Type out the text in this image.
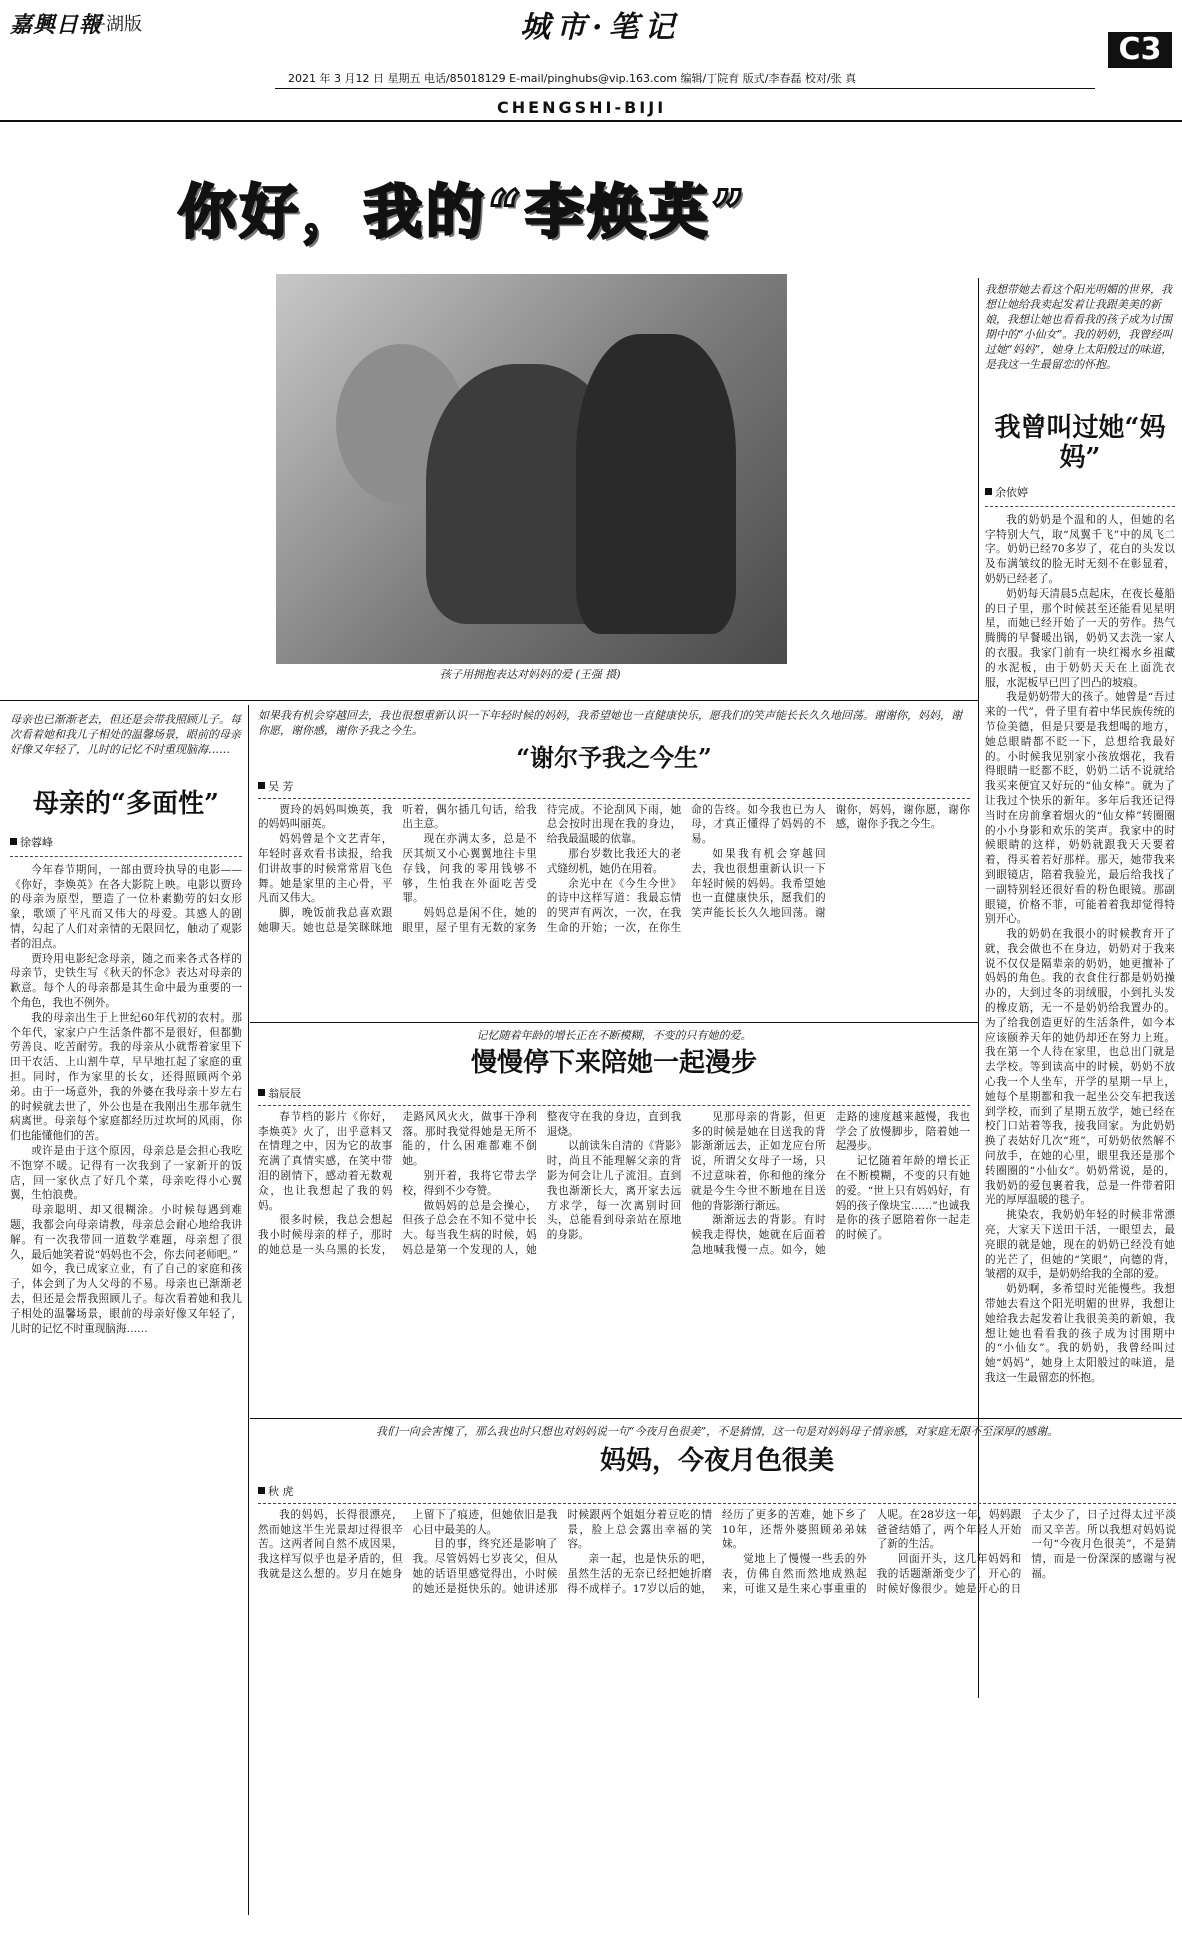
嘉興日報
平湖版	城市·笔记
CHENGSHI-BIJI
C3
2021 年 3 月12 日 星期五 电话/85018129 E-mail/pinghubs@vip.163.com 编辑/丁院育 版式/李春磊 校对/张 真
你好，我的“李焕英”
孩子用拥抱表达对妈妈的爱 (王强 摄)
我想带她去看这个阳光明媚的世界，我想让她给我卖起发着让我跟美美的新娘，我想让她也看看我的孩子成为讨围期中的“小仙女”。我的奶奶，我曾经叫过她“妈妈”，她身上太阳般过的味道，是我这一生最留恋的怀抱。
我曾叫过她“妈妈”
余依婷

我的奶奶是个温和的人，但她的名字特别大气，取“凤翼千飞”中的凤飞二字。奶奶已经70多岁了，花白的头发以及布满皱纹的脸无时无刻不在彰显着，奶奶已经老了。

奶奶每天清晨5点起床，在夜长蔓船的日子里，那个时候甚至还能看见星明星，而她已经开始了一天的劳作。热气腾腾的早餐暖出锅，奶奶又去洗一家人的衣服。我家门前有一块红褐水乡祖藏的水泥板，由于奶奶天天在上面洗衣服，水泥板早已凹了凹凸的坡痕。

我是奶奶带大的孩子。她曾是“吾过来的一代”，骨子里有着中华民族传统的节俭美德，但是只要是我想喝的地方，她总眼睛都不眨一下，总想给我最好的。小时候我见别家小孩放烟花，我看得眼睛一眨都不眨，奶奶二话不说就给我买来便宜又好玩的“仙女棒”。就为了让我过个快乐的新年。多年后我还记得当时在房前拿着烟火的“仙女棒”转圈圈的小小身影和欢乐的笑声。我家中的时候眼睛的这样，奶奶就跟我天天要着着，得买着若好那样。那天，她带我来到眼镜店，陪着我验光，最后给我找了一副特别轻还很好看的粉色眼镜。那副眼镜，价格不菲，可能着着我却觉得特别开心。

我的奶奶在我很小的时候教育开了就，我会做也不在身边，奶奶对于我来说不仅仅是隔辈亲的奶奶，她更擅补了妈妈的角色。我的衣食住行都是奶奶操办的，大到过冬的羽绒服，小到扎头发的橡皮筋，无一不是奶奶给我置办的。为了给我创造更好的生活条件，如今本应该颐养天年的她仍却还在努力上班。我在第一个人待在家里，也总出门就是去学校。等到读高中的时候，奶奶不放心我一个人坐车，开学的星期一早上，她每个星期都和我一起坐公交车把我送到学校，而到了星期五放学，她已经在校门口站着等我，接我回家。为此奶奶换了表姑好几次“班”，可奶奶依然解不问放手，在她的心里，眼里我还是那个转圈圈的“小仙女”。奶奶常说，是的，我奶奶的爱包裹着我，总是一件带着阳光的厚厚温暖的毯子。

挑染农，我奶奶年轻的时候非常漂亮，大家天下送田干活，一眼望去，最亮眼的就是她，现在的奶奶已经没有她的光芒了，但她的“笑眼”，向德的背，皱褶的双手，是奶奶给我的全部的爱。

奶奶啊，多希望时光能慢些。我想带她去看这个阳光明媚的世界，我想让她给我去起发着让我很美美的新娘，我想让她也看看我的孩子成为讨围期中的“小仙女”。我的奶奶，我曾经叫过她“妈妈”，她身上太阳般过的味道，是我这一生最留恋的怀抱。

母亲也已渐渐老去，但还是会带我照顾儿子。每次看着她和我儿子相处的温馨场景，眼前的母亲好像又年轻了，儿时的记忆不时重现脑海……
母亲的“多面性”
徐蓉峰

今年春节期间，一部由贾玲执导的电影——《你好，李焕英》在各大影院上映。电影以贾玲的母亲为原型，塑造了一位朴素勤劳的妇女形象，歌颂了平凡而又伟大的母爱。其感人的剧情，勾起了人们对亲情的无限回忆，触动了观影者的泪点。

贾玲用电影纪念母亲，随之而来各式各样的母亲节，史铁生写《秋天的怀念》表达对母亲的歉意。每个人的母亲都是其生命中最为重要的一个角色，我也不例外。

我的母亲出生于上世纪60年代初的农村。那个年代，家家户户生活条件都不是很好，但都勤劳善良、吃苦耐劳。我的母亲从小就帮着家里下田干农活、上山割牛草，早早地扛起了家庭的重担。同时，作为家里的长女，还得照顾两个弟弟。由于一场意外，我的外婆在我母亲十岁左右的时候就去世了，外公也是在我刚出生那年就生病离世。母亲每个家庭都经历过坎坷的风雨，你们也能懂他们的苦。

或许是由于这个原因，母亲总是会担心我吃不饱穿不暖。记得有一次我到了一家新开的饭店，回一家伙点了好几个菜，母亲吃得小心翼翼，生怕浪费。

母亲聪明、却又很糊涂。小时候每遇到难题，我都会向母亲请教，母亲总会耐心地给我讲解。有一次我带回一道数学难题，母亲想了很久，最后她笑着说“妈妈也不会，你去问老师吧。”

如今，我已成家立业，有了自己的家庭和孩子，体会到了为人父母的不易。母亲也已渐渐老去，但还是会帮我照顾儿子。每次看着她和我儿子相处的温馨场景，眼前的母亲好像又年轻了，儿时的记忆不时重现脑海……

如果我有机会穿越回去，我也很想重新认识一下年轻时候的妈妈，我希望她也一直健康快乐，愿我们的笑声能长长久久地回荡。谢谢你，妈妈，谢你愿，谢你感，谢你予我之今生。
“谢尔予我之今生”
吴 芳

贾玲的妈妈叫焕英，我的妈妈叫丽英。

妈妈曾是个文艺青年，年轻时喜欢看书读报，给我们讲故事的时候常常眉飞色舞。她是家里的主心骨，平凡而又伟大。

脚，晚饭前我总喜欢跟她聊天。她也总是笑眯眯地听着，偶尔插几句话，给我出主意。

现在亦满太多，总是不厌其烦又小心翼翼地往卡里存钱，问我的零用钱够不够，生怕我在外面吃苦受罪。

妈妈总是闲不住，她的眼里，屋子里有无数的家务待完成。不论刮风下雨，她总会按时出现在我的身边，给我最温暖的依靠。

那台岁数比我还大的老式缝纫机，她仍在用着。

余光中在《今生今世》的诗中这样写道：我最忘情的哭声有两次，一次，在我生命的开始；一次，在你生命的告终。如今我也已为人母，才真正懂得了妈妈的不易。

如果我有机会穿越回去，我也很想重新认识一下年轻时候的妈妈。我希望她也一直健康快乐，愿我们的笑声能长长久久地回荡。谢谢你，妈妈，谢你愿，谢你感，谢你予我之今生。

记忆随着年龄的增长正在不断模糊，不变的只有她的爱。
慢慢停下来陪她一起漫步
翁辰辰

春节档的影片《你好，李焕英》火了，出乎意料又在情理之中，因为它的故事充满了真情实感，在笑中带泪的剧情下，感动着无数观众，也让我想起了我的妈妈。

很多时候，我总会想起我小时候母亲的样子，那时的她总是一头乌黑的长发，走路风风火火，做事干净利落。那时我觉得她是无所不能的，什么困难都难不倒她。

别开着，我将它带去学校，得到不少夸赞。

做妈妈的总是会操心，但孩子总会在不知不觉中长大。每当我生病的时候，妈妈总是第一个发现的人，她整夜守在我的身边，直到我退烧。

以前读朱自清的《背影》时，尚且不能理解父亲的背影为何会让儿子流泪。直到我也渐渐长大，离开家去远方求学，每一次离别时回头，总能看到母亲站在原地的身影。

见那母亲的背影，但更多的时候是她在目送我的背影渐渐远去，正如龙应台所说，所谓父女母子一场，只不过意味着，你和他的缘分就是今生今世不断地在目送他的背影渐行渐远。

渐渐远去的背影。有时候我走得快，她就在后面着急地喊我慢一点。如今，她走路的速度越来越慢，我也学会了放慢脚步，陪着她一起漫步。

记忆随着年龄的增长正在不断模糊，不变的只有她的爱。“世上只有妈妈好，有妈的孩子像块宝……”也诚我是你的孩子愿陪着你一起走的时候了。

我们一向会害愧了，那么我也时只想也对妈妈说一句“今夜月色很美”，不是猜情，这一句是对妈妈母子情亲感，对家庭无限不至深厚的感谢。
妈妈，今夜月色很美
秋 虎

我的妈妈，长得很漂亮，然而她这半生光景却过得很辛苦。这两者间自然不成因果，我这样写似乎也是矛盾的，但我就是这么想的。岁月在她身上留下了痕迹，但她依旧是我心目中最美的人。

目的事，终究还是影响了我。尽管妈妈七岁丧父，但从她的话语里感觉得出，小时候的她还是挺快乐的。她讲述那时候跟两个姐姐分着豆吃的情景，脸上总会露出幸福的笑容。

亲一起，也是快乐的吧，虽然生活的无奈已经把她折磨得不成样子。17岁以后的她，经历了更多的苦难，她下乡了10年，还帮外婆照顾弟弟妹妹。

觉地上了慢慢一些丢的外表，仿佛自然而然地成熟起来，可谁又是生来心事重重的人呢。在28岁这一年，妈妈跟爸爸结婚了，两个年轻人开始了新的生活。

回面开头，这几年妈妈和我的话题渐渐变少了，开心的时候好像很少。她是开心的日子太少了，日子过得太过平淡而又辛苦。所以我想对妈妈说一句“今夜月色很美”，不是猜情，而是一份深深的感谢与祝福。
